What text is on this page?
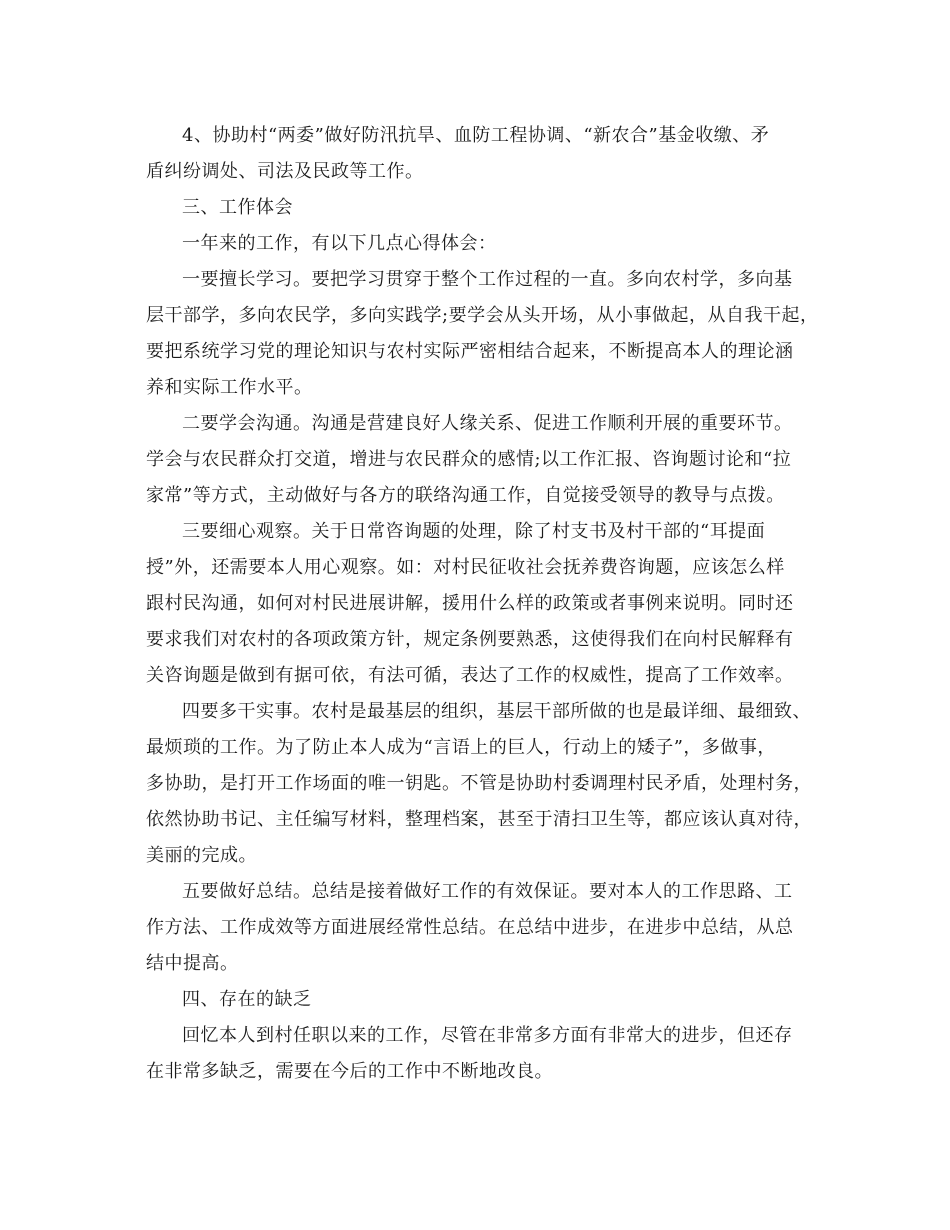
4、协助村“两委”做好防汛抗旱、血防工程协调、“新农合”基金收缴、矛
盾纠纷调处、司法及民政等工作。
三、工作体会
一年来的工作，有以下几点心得体会：
一要擅长学习。要把学习贯穿于整个工作过程的一直。多向农村学，多向基
层干部学，多向农民学，多向实践学;要学会从头开场，从小事做起，从自我干起，
要把系统学习党的理论知识与农村实际严密相结合起来，不断提高本人的理论涵
养和实际工作水平。
二要学会沟通。沟通是营建良好人缘关系、促进工作顺利开展的重要环节。
学会与农民群众打交道，增进与农民群众的感情;以工作汇报、咨询题讨论和“拉
家常”等方式，主动做好与各方的联络沟通工作，自觉接受领导的教导与点拨。
三要细心观察。关于日常咨询题的处理，除了村支书及村干部的“耳提面
授”外，还需要本人用心观察。如：对村民征收社会抚养费咨询题，应该怎么样
跟村民沟通，如何对村民进展讲解，援用什么样的政策或者事例来说明。同时还
要求我们对农村的各项政策方针，规定条例要熟悉，这使得我们在向村民解释有
关咨询题是做到有据可依，有法可循，表达了工作的权威性，提高了工作效率。
四要多干实事。农村是最基层的组织，基层干部所做的也是最详细、最细致、
最烦琐的工作。为了防止本人成为“言语上的巨人，行动上的矮子”，多做事，
多协助，是打开工作场面的唯一钥匙。不管是协助村委调理村民矛盾，处理村务，
依然协助书记、主任编写材料，整理档案，甚至于清扫卫生等，都应该认真对待，
美丽的完成。
五要做好总结。总结是接着做好工作的有效保证。要对本人的工作思路、工
作方法、工作成效等方面进展经常性总结。在总结中进步，在进步中总结，从总
结中提高。
四、存在的缺乏
回忆本人到村任职以来的工作，尽管在非常多方面有非常大的进步，但还存
在非常多缺乏，需要在今后的工作中不断地改良。
